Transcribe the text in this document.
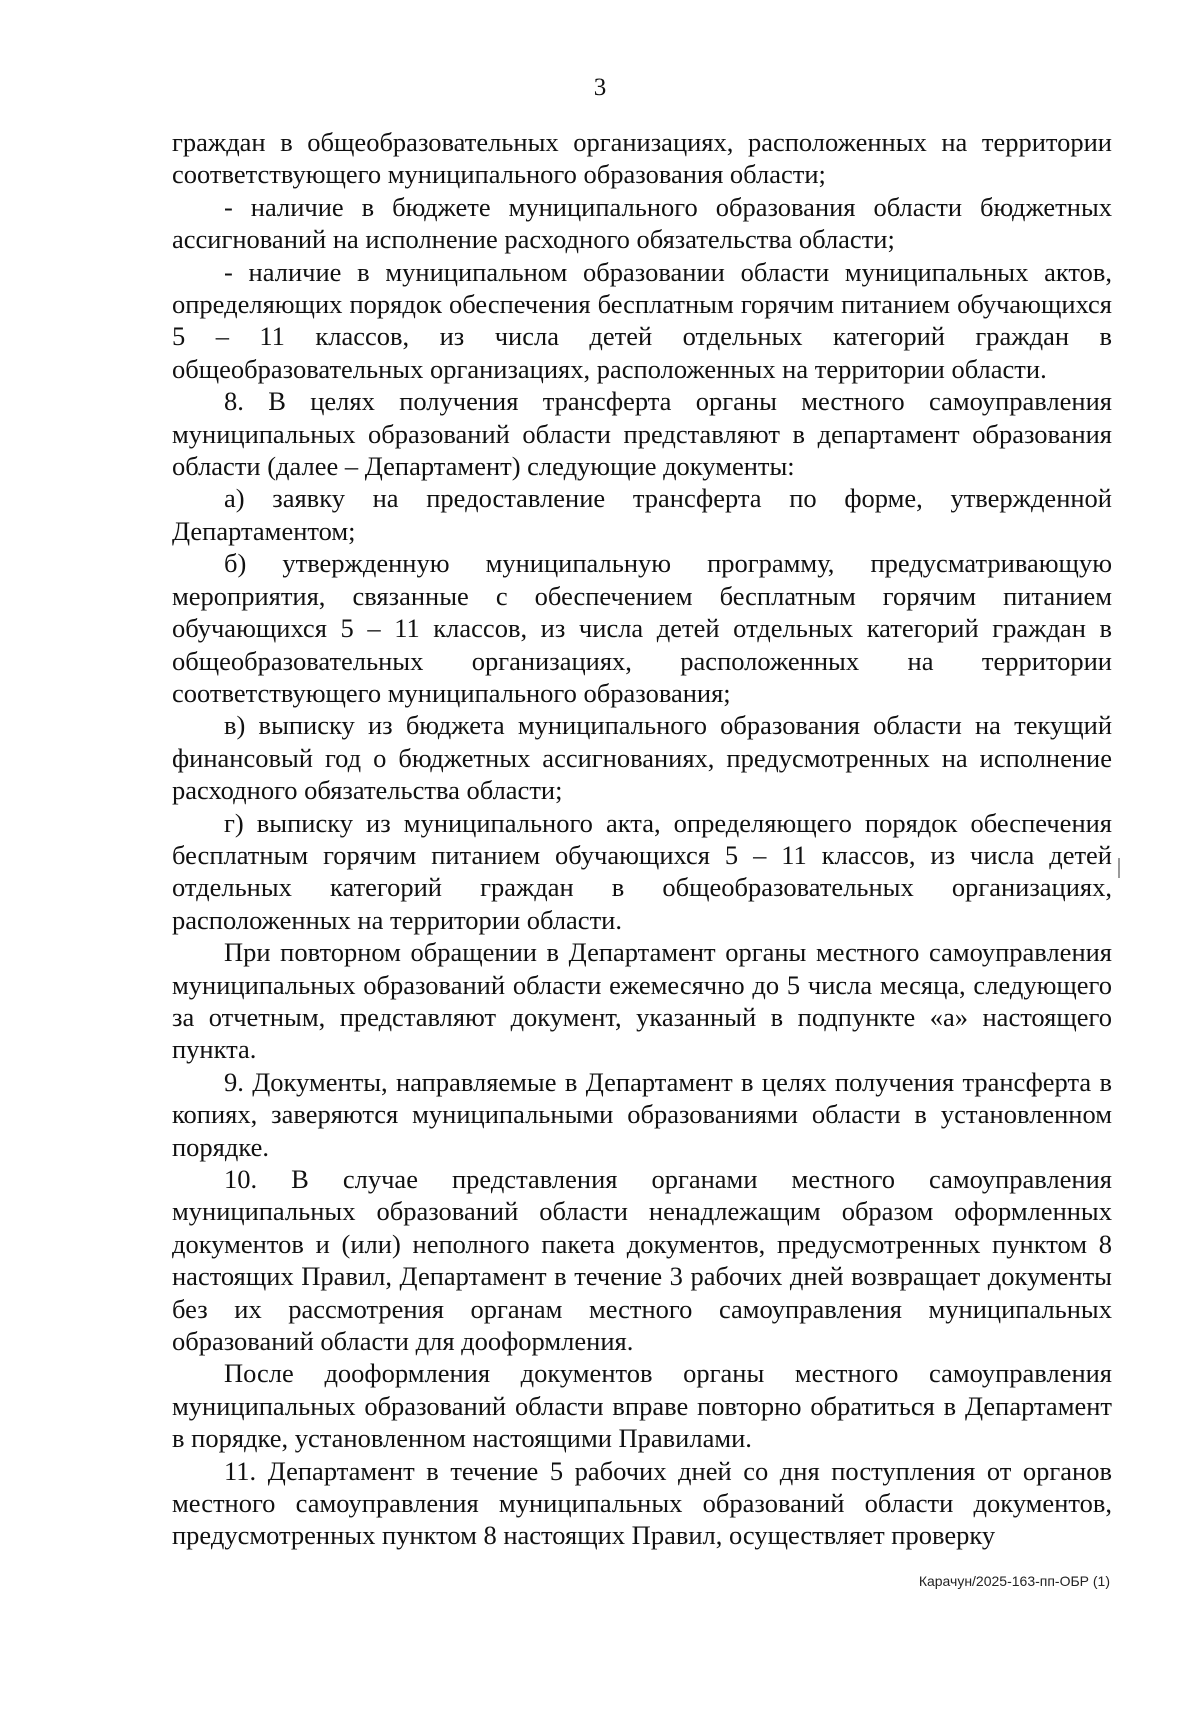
3

граждан в общеобразовательных организациях, расположенных на территории соответствующего муниципального образования области;

- наличие в бюджете муниципального образования области бюджетных ассигнований на исполнение расходного обязательства области;

- наличие в муниципальном образовании области муниципальных актов, определяющих порядок обеспечения бесплатным горячим питанием обучающихся 5 – 11 классов, из числа детей отдельных категорий граждан в общеобразовательных организациях, расположенных на территории области.

8. В целях получения трансферта органы местного самоуправления муниципальных образований области представляют в департамент образования области (далее – Департамент) следующие документы:

а) заявку на предоставление трансферта по форме, утвержденной Департаментом;

б) утвержденную муниципальную программу, предусматривающую мероприятия, связанные с обеспечением бесплатным горячим питанием обучающихся 5 – 11 классов, из числа детей отдельных категорий граждан в общеобразовательных организациях, расположенных на территории соответствующего муниципального образования;

в) выписку из бюджета муниципального образования области на текущий финансовый год о бюджетных ассигнованиях, предусмотренных на исполнение расходного обязательства области;

г) выписку из муниципального акта, определяющего порядок обеспечения бесплатным горячим питанием обучающихся 5 – 11 классов, из числа детей отдельных категорий граждан в общеобразовательных организациях, расположенных на территории области.

При повторном обращении в Департамент органы местного самоуправления муниципальных образований области ежемесячно до 5 числа месяца, следующего за отчетным, представляют документ, указанный в подпункте «а» настоящего пункта.

9. Документы, направляемые в Департамент в целях получения трансферта в копиях, заверяются муниципальными образованиями области в установленном порядке.

10. В случае представления органами местного самоуправления муниципальных образований области ненадлежащим образом оформленных документов и (или) неполного пакета документов, предусмотренных пунктом 8 настоящих Правил, Департамент в течение 3 рабочих дней возвращает документы без их рассмотрения органам местного самоуправления муниципальных образований области для дооформления.

После дооформления документов органы местного самоуправления муниципальных образований области вправе повторно обратиться в Департамент в порядке, установленном настоящими Правилами.

11. Департамент в течение 5 рабочих дней со дня поступления от органов местного самоуправления муниципальных образований области документов, предусмотренных пунктом 8 настоящих Правил, осуществляет проверку

Карачун/2025-163-пп-ОБР (1)
